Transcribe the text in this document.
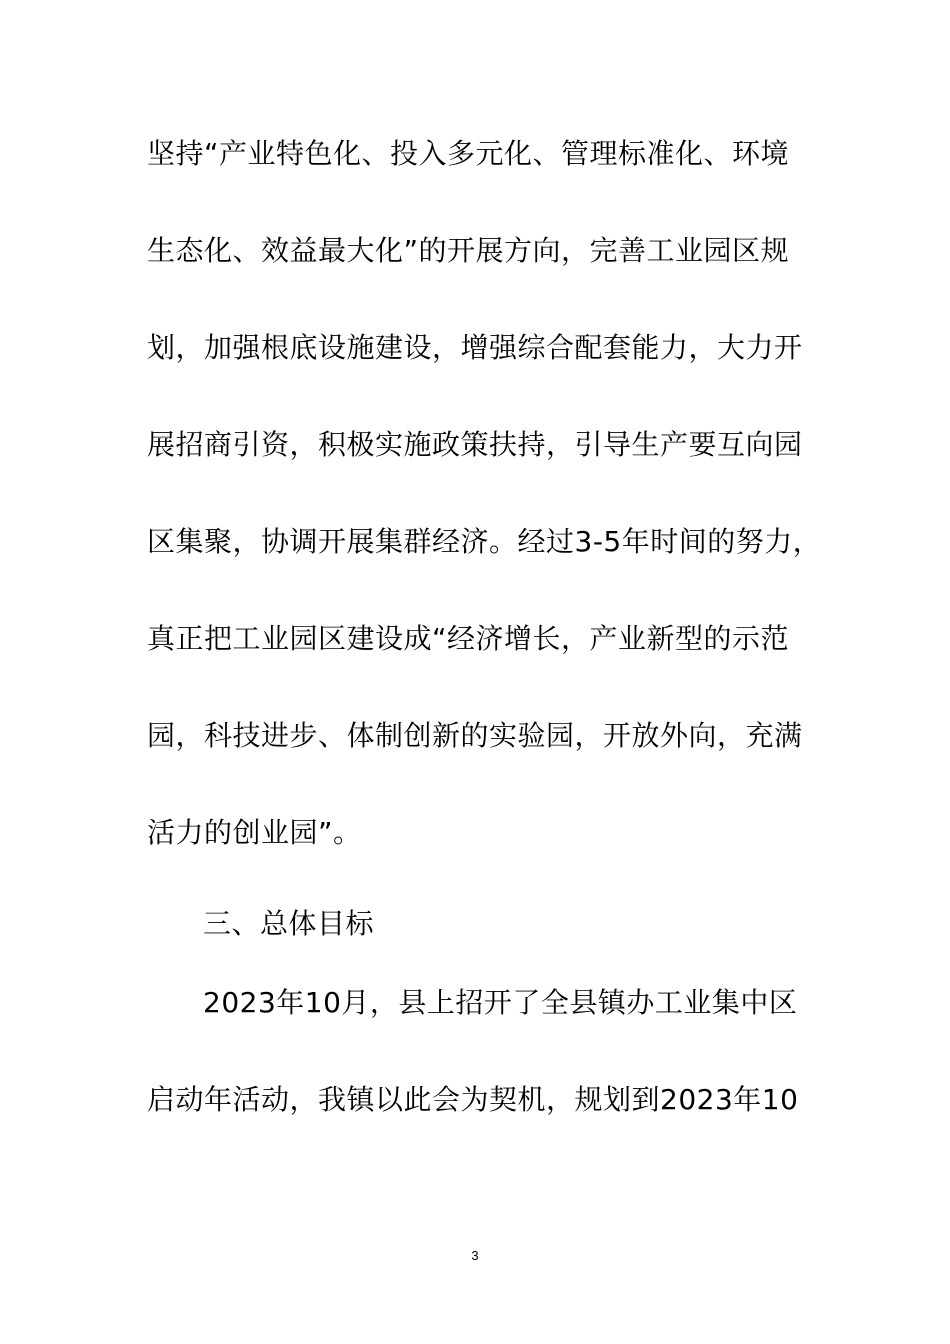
坚持“产业特色化、投入多元化、管理标准化、环境
生态化、效益最大化”的开展方向，完善工业园区规
划，加强根底设施建设，增强综合配套能力，大力开
展招商引资，积极实施政策扶持，引导生产要互向园
区集聚，协调开展集群经济。经过3-5年时间的努力，
真正把工业园区建设成“经济增长，产业新型的示范
园，科技进步、体制创新的实验园，开放外向，充满
活力的创业园”。
三、总体目标
2023年10月，县上招开了全县镇办工业集中区
启动年活动，我镇以此会为契机，规划到2023年10
3
